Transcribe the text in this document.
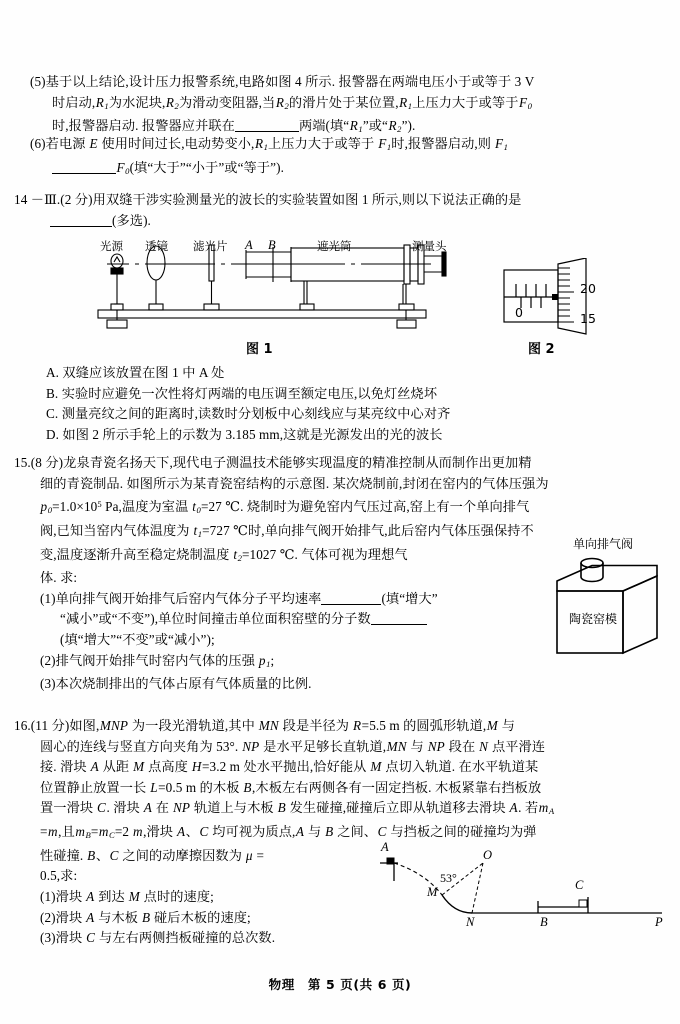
(5)基于以上结论,设计压力报警系统,电路如图 4 所示. 报警器在两端电压小于或等于 3 V
时启动$,R_1$为水泥块$,R_2$为滑动变阻器,当$R_2$的滑片处于某位置$,R_1$上压力大于或等于$F_0$
时,报警器启动. 报警器应并联在	两端(填“$R_1$”或“$R_2$”).
(6)若电源 E 使用时间过长,电动势变小$,R_1$上压力大于或等于 $F_1$时,报警器启动,则 $F_1$
$F_0$(填“大于”“小于”或“等于”).
14 －Ⅲ.(2 分)用双缝干涉实验测量光的波长的实验装置如图 1 所示,则以下说法正确的是
(多选).
光源 透镜 滤光片 A B	遮光筒	测量头
图 1
20
15
0
图 2
A. 双缝应该放置在图 1 中 A 处
B. 实验时应避免一次性将灯两端的电压调至额定电压,以免灯丝烧坏
C. 测量亮纹之间的距离时,读数时分划板中心刻线应与某亮纹中心对齐
D. 如图 2 所示手轮上的示数为 3.185 mm,这就是光源发出的光的波长
15.(8 分)龙泉青瓷名扬天下,现代电子测温技术能够实现温度的精准控制从而制作出更加精
细的青瓷制品. 如图所示为某青瓷窑结构的示意图. 某次烧制前,封闭在窑内的气体压强为
$p_0=1.0\times 10^5$ Pa,温度为室温 $t_0=27$ ℃. 烧制时为避免窑内气压过高,窑上有一个单向排气
阀,已知当窑内气体温度为 $t_1=727$ ℃时,单向排气阀开始排气,此后窑内气体压强保持不
变,温度逐渐升高至稳定烧制温度 $t_2=1027$ ℃. 气体可视为理想气
体. 求:
(1)单向排气阀开始排气后窑内气体分子平均速率	(填“增大”
“减小”或“不变”),单位时间撞击单位面积窑壁的分子数
(填“增大”“不变”或“减小”);
(2)排气阀开始排气时窑内气体的压强 $p_1$;
(3)本次烧制排出的气体占原有气体质量的比例.
单向排气阀
陶瓷窑模
16.(11 分)如图,MNP 为一段光滑轨道,其中 MN 段是半径为 R=5.5 m 的圆弧形轨道,M 与
圆心的连线与竖直方向夹角为 53°. NP 是水平足够长直轨道,MN 与 NP 段在 N 点平滑连
接. 滑块 A 从距 M 点高度 H=3.2 m 处水平抛出,恰好能从 M 点切入轨道. 在水平轨道某
位置静止放置一长 L=0.5 m 的木板 B,木板左右两侧各有一固定挡板. 木板紧靠右挡板放
置一滑块 C. 滑块 A 在 NP 轨道上与木板 B 发生碰撞,碰撞后立即从轨道移去滑块 A. 若$m_A$
=m,且$m_B=m_C=2$ m,滑块 A、C 均可视为质点,A 与 B 之间、C 与挡板之间的碰撞均为弹
性碰撞. B、C 之间的动摩擦因数为 μ =
0.5,求:
(1)滑块 A 到达 M 点时的速度;
(2)滑块 A 与木板 B 碰后木板的速度;
(3)滑块 C 与左右两侧挡板碰撞的总次数.
A
O
M
N	B
C
P
53°
物理　第 5 页(共 6 页)
